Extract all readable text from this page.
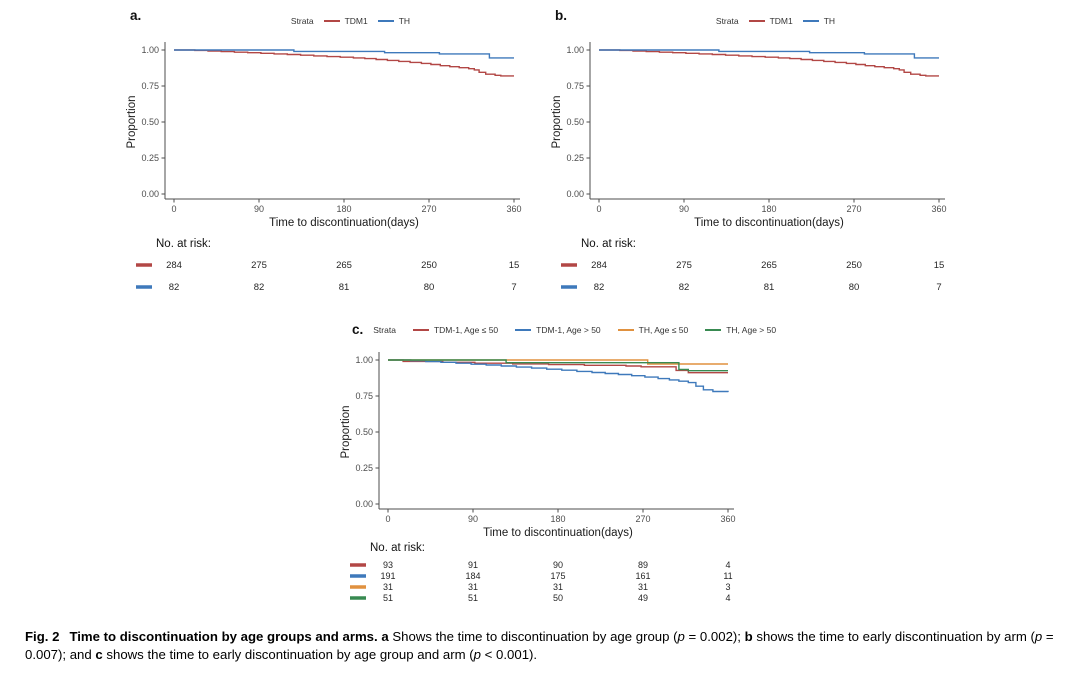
a.	Strata	TDM1	TH
0.00
0.25
0.50
0.75
1.00
0	90	180	270	360
Proportion
Time to discontinuation(days)
No. at risk:
284	275	265	250	15
82	82	81	80	7
b.	Strata	TDM1	TH
0.00
0.25
0.50
0.75
1.00
0	90	180	270	360
Proportion
Time to discontinuation(days)
No. at risk:
284	275	265	250	15
82	82	81	80	7
c. Strata	TDM-1, Age ≤ 50	TDM-1, Age > 50	TH, Age ≤ 50	TH, Age > 50
0.00
0.25
0.50
0.75
1.00
0	90	180	270	360
Proportion
Time to discontinuation(days)
No. at risk:
93	91	90	89	4
191	184	175	161	11
31	31	31	31	3
51	51	50	49	4

Fig. 2 Time to discontinuation by age groups and arms. a Shows the time to discontinuation by age group (p = 0.002); b shows the time to early discontinuation by arm (p = 0.007); and c shows the time to early discontinuation by age group and arm (p < 0.001).
